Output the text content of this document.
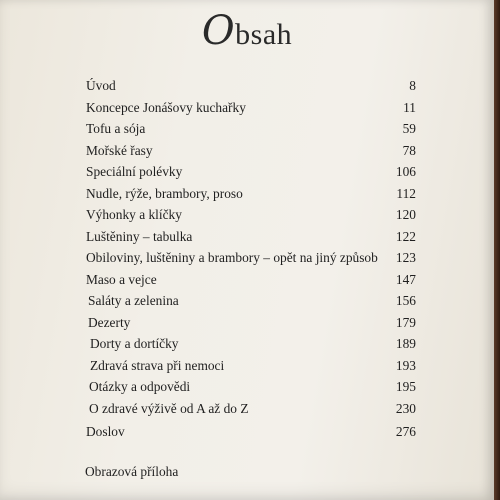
Obsah
Úvod	8
Koncepce Jonášovy kuchařky	11
Tofu a sója	59
Mořské řasy	78
Speciální polévky	106
Nudle, rýže, brambory, proso	112
Výhonky a klíčky	120
Luštěniny – tabulka	122
Obiloviny, luštěniny a brambory – opět na jiný způsob 123
Maso a vejce	147
Saláty a zelenina	156
Dezerty	179
Dorty a dortíčky	189
Zdravá strava při nemoci	193
Otázky a odpovědi	195
O zdravé výživě od A až do Z	230
Doslov	276
Obrazová příloha
